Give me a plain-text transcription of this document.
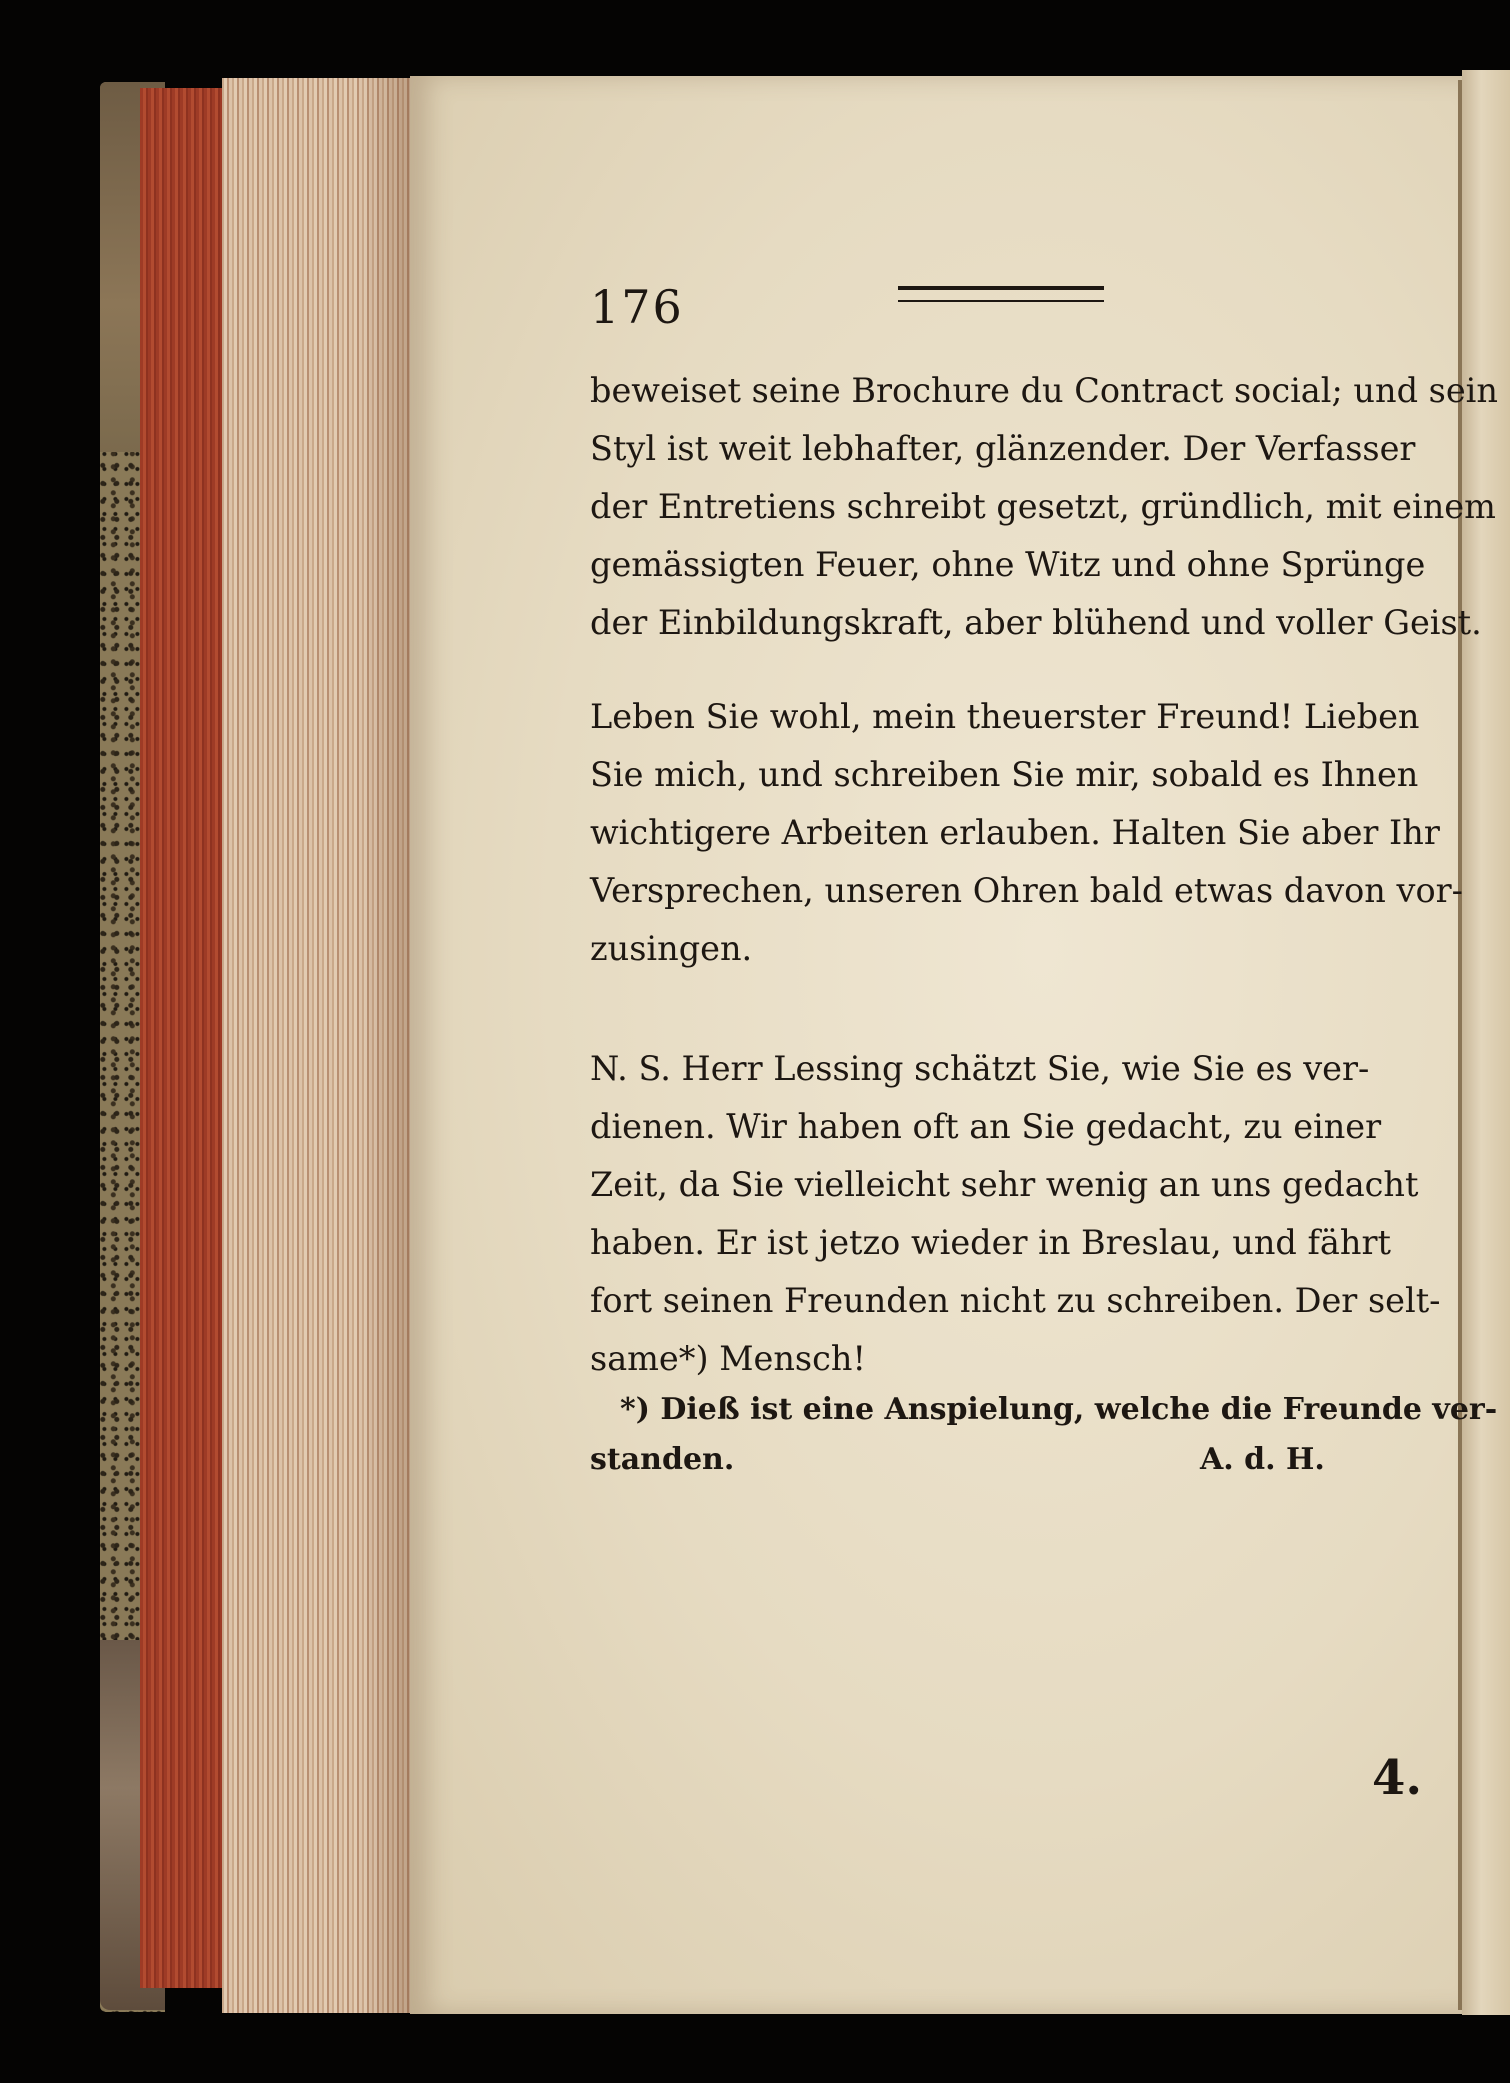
176
beweiset seine Brochure du Contract social; und sein
Styl ist weit lebhafter, glänzender. Der Verfasser
der Entretiens schreibt gesetzt, gründlich, mit einem
gemässigten Feuer, ohne Witz und ohne Sprünge
der Einbildungskraft, aber blühend und voller Geist.
Leben Sie wohl, mein theuerster Freund! Lieben
Sie mich, und schreiben Sie mir, sobald es Ihnen
wichtigere Arbeiten erlauben. Halten Sie aber Ihr
Versprechen, unseren Ohren bald etwas davon vor-
zusingen.
N. S. Herr Lessing schätzt Sie, wie Sie es ver-
dienen. Wir haben oft an Sie gedacht, zu einer
Zeit, da Sie vielleicht sehr wenig an uns gedacht
haben. Er ist jetzo wieder in Breslau, und fährt
fort seinen Freunden nicht zu schreiben. Der selt-
same*) Mensch!
*) Dieß ist eine Anspielung, welche die Freunde ver-
standen.	A. d. H.
4.
